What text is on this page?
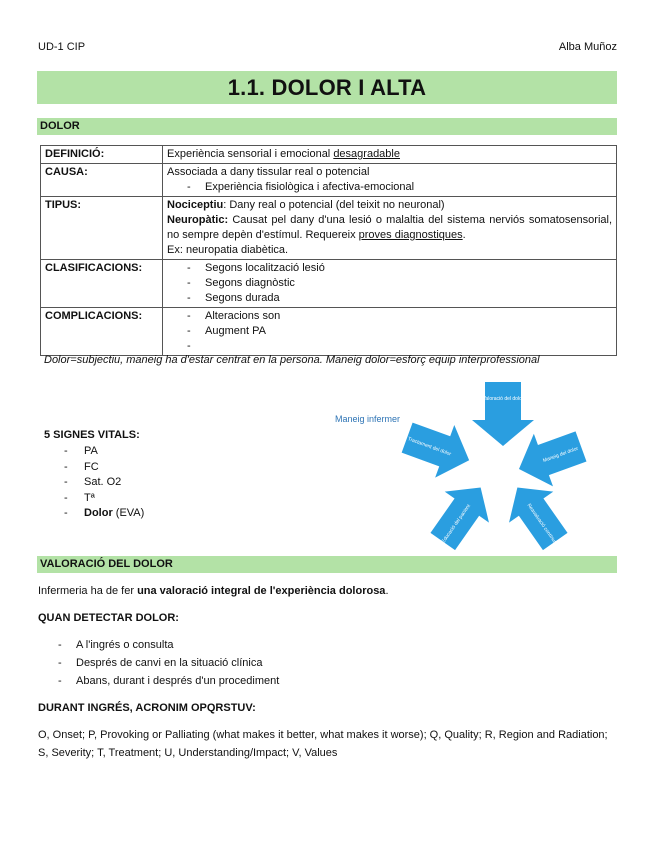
UD-1 CIP	Alba Muñoz
1.1. DOLOR I ALTA
DOLOR
DEFINICIÓ:	Experiència sensorial i emocional desagradable
CAUSA:	Associada a dany tissular real o potencial
- Experiència fisiològica i afectiva-emocional

TIPUS:	Nociceptiu: Dany real o potencial (del teixit no neuronal)
Neuropàtic: Causat pel dany d'una lesió o malaltia del sistema nerviós somatosensorial, no sempre depèn d'estímul. Requereix proves diagnostiques.
Ex: neuropatia diabètica.

CLASIFICACIONS:	- Segons localització lesió
- Segons diagnòstic
- Segons durada

COMPLICACIONS:	- Alteracions son
- Augment PA
-
Dolor=subjectiu, maneig ha d'estar centrat en la persona. Maneig dolor=esforç equip interprofessional
Maneig infermer
Valoració del dolor
Maneig del dolor
Tractament del dolor
Educació del pacient	Reavaluació contínua
5 SIGNES VITALS:
- PA
- FC
- Sat. O2
- Tª
- Dolor (EVA)
VALORACIÓ DEL DOLOR
Infermeria ha de fer una valoració integral de l'experiència dolorosa.
QUAN DETECTAR DOLOR:
- A l'ingrés o consulta
- Després de canvi en la situació clínica
- Abans, durant i després d'un procediment
DURANT INGRÉS, ACRONIM OPQRSTUV:
O, Onset; P, Provoking or Palliating (what makes it better, what makes it worse); Q, Quality; R, Region and Radiation; S, Severity; T, Treatment; U, Understanding/Impact; V, Values
